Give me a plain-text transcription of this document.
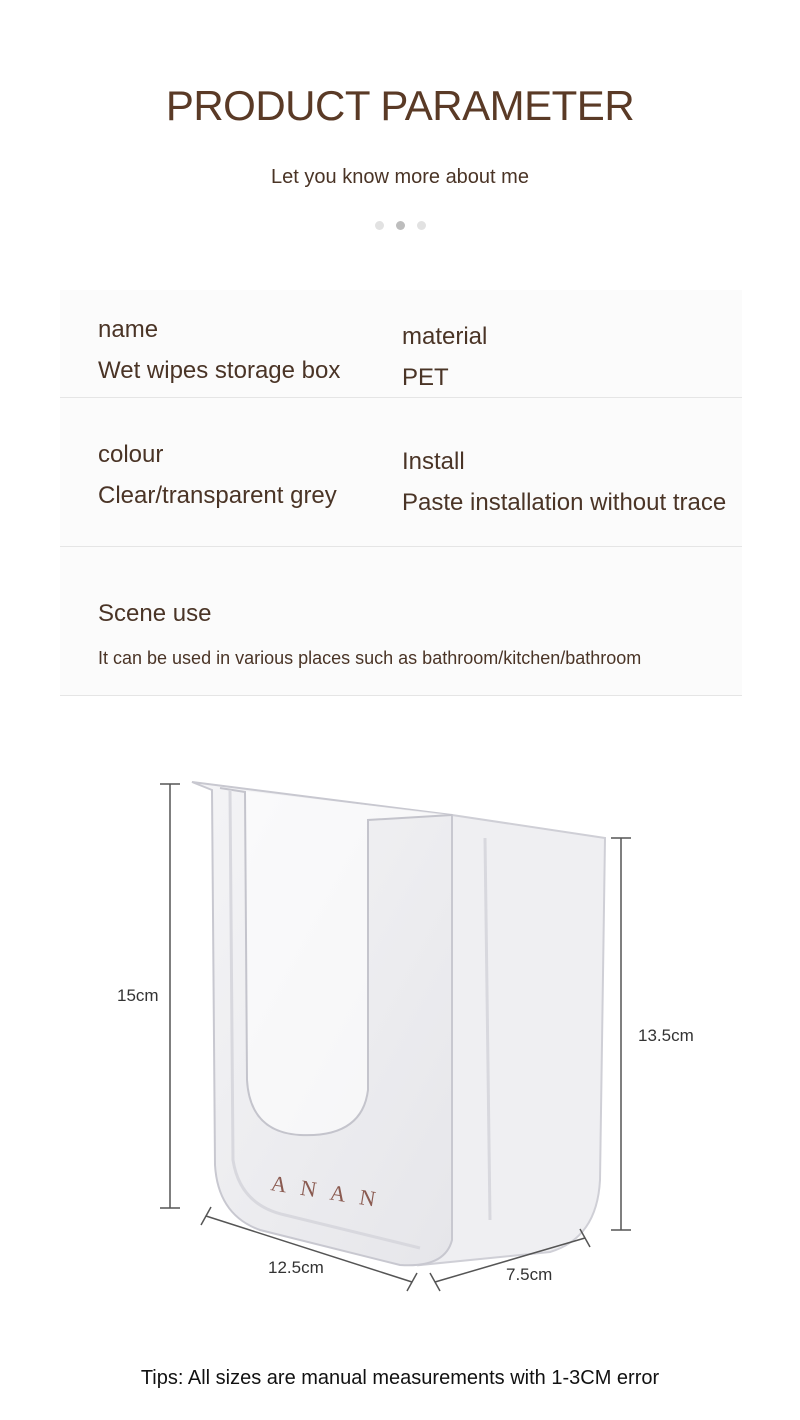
PRODUCT PARAMETER
Let you know more about me
name
Wet wipes storage box
material
PET
colour
Clear/transparent grey
Install
Paste installation without trace
Scene use
It can be used in various places such as bathroom/kitchen/bathroom
ANAN
15cm
13.5cm
12.5cm	7.5cm
Tips: All sizes are manual measurements with 1-3CM error
